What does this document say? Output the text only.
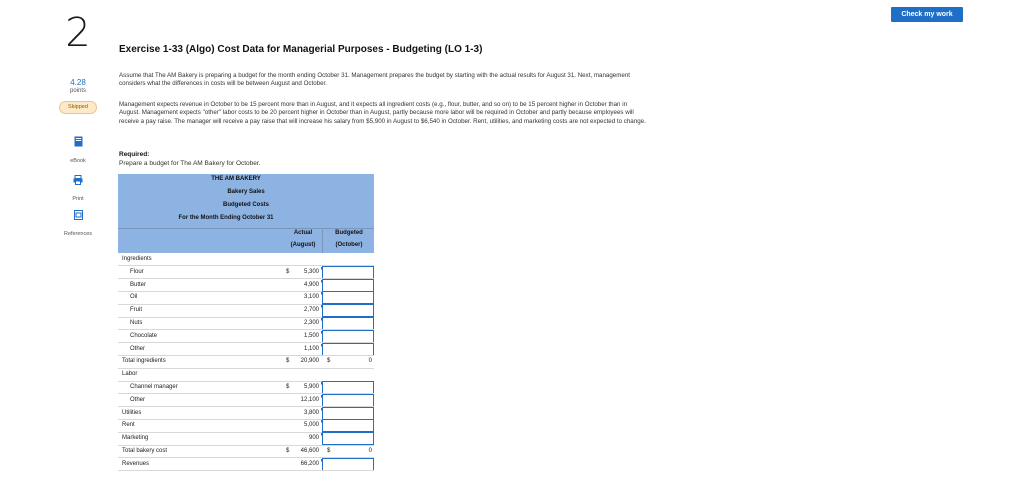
2
4.28
points
Skipped
eBook
Print
References
Check my work
Exercise 1-33 (Algo) Cost Data for Managerial Purposes - Budgeting (LO 1-3)
Assume that The AM Bakery is preparing a budget for the month ending October 31. Management prepares the budget by starting with the actual results for August 31. Next, management considers what the differences in costs will be between August and October.
Management expects revenue in October to be 15 percent more than in August, and it expects all ingredient costs (e.g., flour, butter, and so on) to be 15 percent higher in October than in August. Management expects "other" labor costs to be 20 percent higher in October than in August, partly because more labor will be required in October and partly because employees will receive a pay raise. The manager will receive a pay raise that will increase his salary from $5,900 in August to $6,540 in October. Rent, utilities, and marketing costs are not expected to change.
Required:
Prepare a budget for The AM Bakery for October.
THE AM BAKERY
Bakery Sales
Budgeted Costs
For the Month Ending October 31
Actual
(August)
Budgeted
(October)
Ingredients
Flour	$	5,300
Butter	4,900
Oil	3,100
Fruit	2,700
Nuts	2,300
Chocolate	1,500
Other	1,100
Total ingredients	$	20,900 $	0
Labor
Channel manager	$	5,900
Other	12,100
Utilities	3,800
Rent	5,000
Marketing	900
Total bakery cost	$	46,600 $	0
Revenues	66,200
